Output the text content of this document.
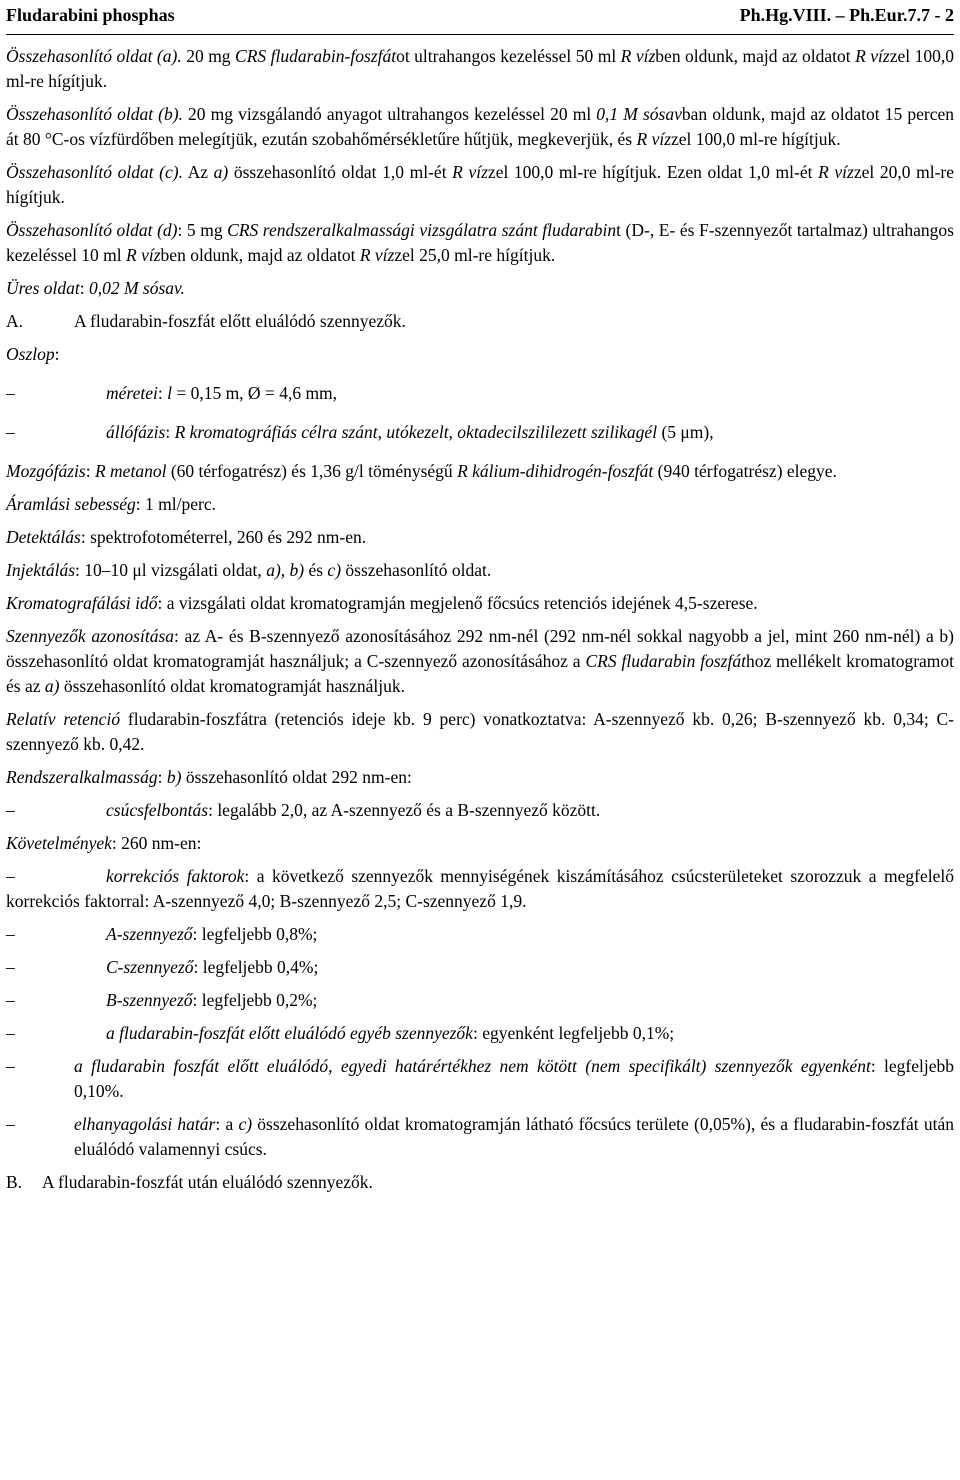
Fludarabini phosphas	Ph.Hg.VIII. – Ph.Eur.7.7 - 2

Összehasonlító oldat (a). 20 mg CRS fludarabin-foszfátot ultrahangos kezeléssel 50 ml R vízben oldunk, majd az oldatot R vízzel 100,0 ml-re hígítjuk.

Összehasonlító oldat (b). 20 mg vizsgálandó anyagot ultrahangos kezeléssel 20 ml 0,1 M sósavban oldunk, majd az oldatot 15 percen át 80 °C-os vízfürdőben melegítjük, ezután szobahőmérsékletűre hűtjük, megkeverjük, és R vízzel 100,0 ml-re hígítjuk.

Összehasonlító oldat (c). Az a) összehasonlító oldat 1,0 ml-ét R vízzel 100,0 ml-re hígítjuk. Ezen oldat 1,0 ml-ét R vízzel 20,0 ml-re hígítjuk.

Összehasonlító oldat (d): 5 mg CRS rendszeralkalmassági vizsgálatra szánt fludarabint (D-, E- és F-szennyezőt tartalmaz) ultrahangos kezeléssel 10 ml R vízben oldunk, majd az oldatot R vízzel 25,0 ml-re hígítjuk.

Üres oldat: 0,02 M sósav.

A.	A fludarabin-foszfát előtt eluálódó szennyezők.

Oszlop:

–	méretei: l = 0,15 m, Ø = 4,6 mm,
–	állófázis: R kromatográfiás célra szánt, utókezelt, oktadecilszililezett szilikagél (5 μm),

Mozgófázis: R metanol (60 térfogatrész) és 1,36 g/l töménységű R kálium-dihidrogén-foszfát (940 térfogatrész) elegye.

Áramlási sebesség: 1 ml/perc.

Detektálás: spektrofotométerrel, 260 és 292 nm-en.

Injektálás: 10–10 μl vizsgálati oldat, a), b) és c) összehasonlító oldat.

Kromatografálási idő: a vizsgálati oldat kromatogramján megjelenő főcsúcs retenciós idejének 4,5-szerese.

Szennyezők azonosítása: az A- és B-szennyező azonosításához 292 nm-nél (292 nm-nél sokkal nagyobb a jel, mint 260 nm-nél) a b) összehasonlító oldat kromatogramját használjuk; a C-szennyező azonosításához a CRS fludarabin foszfáthoz mellékelt kromatogramot és az a) összehasonlító oldat kromatogramját használjuk.

Relatív retenció fludarabin-foszfátra (retenciós ideje kb. 9 perc) vonatkoztatva: A-szennyező kb. 0,26; B-szennyező kb. 0,34; C-szennyező kb. 0,42.

Rendszeralkalmasság: b) összehasonlító oldat 292 nm-en:

–	csúcsfelbontás: legalább 2,0, az A-szennyező és a B-szennyező között.

Követelmények: 260 nm-en:

–	korrekciós faktorok: a következő szennyezők mennyiségének kiszámításához csúcsterületeket szorozzuk a megfelelő korrekciós faktorral: A-szennyező 4,0; B-szennyező 2,5; C-szennyező 1,9.
–	A-szennyező: legfeljebb 0,8%;
–	C-szennyező: legfeljebb 0,4%;
–	B-szennyező: legfeljebb 0,2%;
–	a fludarabin-foszfát előtt eluálódó egyéb szennyezők: egyenként legfeljebb 0,1%;
–	a fludarabin foszfát előtt eluálódó, egyedi határértékhez nem kötött (nem specifikált) szennyezők egyenként: legfeljebb 0,10%.
–	elhanyagolási határ: a c) összehasonlító oldat kromatogramján látható főcsúcs területe (0,05%), és a fludarabin-foszfát után eluálódó valamennyi csúcs.
B.	A fludarabin-foszfát után eluálódó szennyezők.
